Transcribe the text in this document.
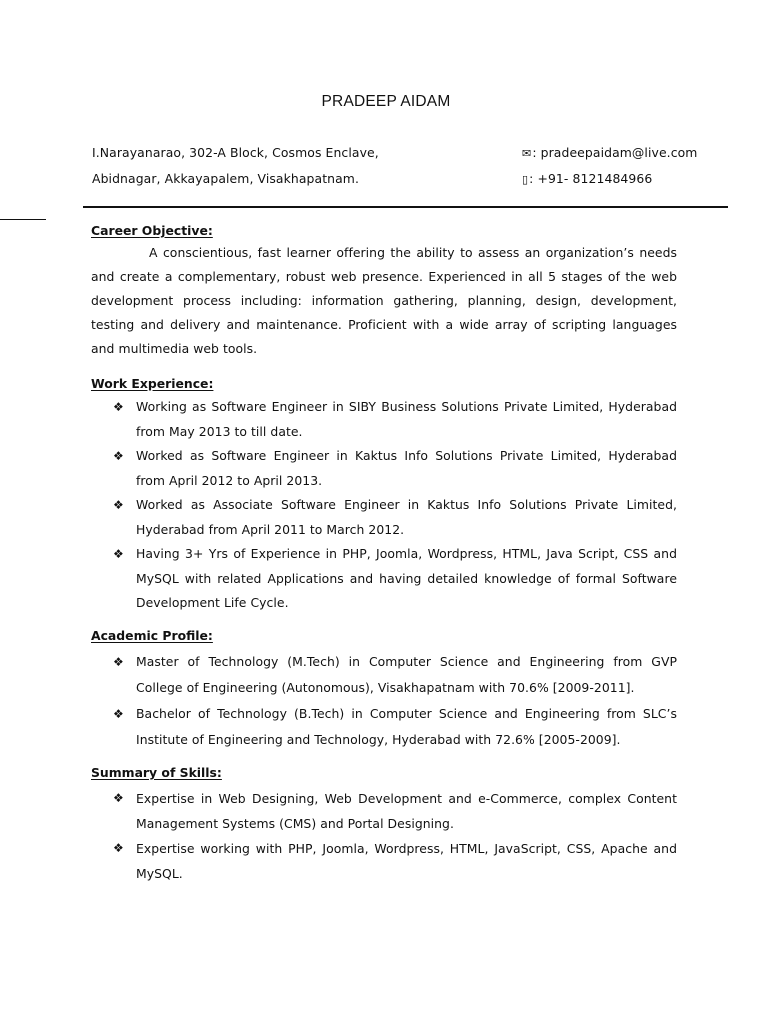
PRADEEP AIDAM
I.Narayanarao, 302-A Block, Cosmos Enclave,
Abidnagar, Akkayapalem, Visakhapatnam.
✉: pradeepaidam@live.com
▯: +91- 8121484966
Career Objective:
A conscientious, fast learner offering the ability to assess an organization’s needs and create a complementary, robust web presence. Experienced in all 5 stages of the web development process including: information gathering, planning, design, development, testing and delivery and maintenance. Proficient with a wide array of scripting languages and multimedia web tools.
Work Experience:
❖ Working as Software Engineer in SIBY Business Solutions Private Limited, Hyderabad from May 2013 to till date.
❖ Worked as Software Engineer in Kaktus Info Solutions Private Limited, Hyderabad from April 2012 to April 2013.
❖ Worked as Associate Software Engineer in Kaktus Info Solutions Private Limited, Hyderabad from April 2011 to March 2012.
❖ Having 3+ Yrs of Experience in PHP, Joomla, Wordpress, HTML, Java Script, CSS and MySQL with related Applications and having detailed knowledge of formal Software Development Life Cycle.
Academic Profile:
❖ Master of Technology (M.Tech) in Computer Science and Engineering from GVP College of Engineering (Autonomous), Visakhapatnam with 70.6% [2009-2011].
❖ Bachelor of Technology (B.Tech) in Computer Science and Engineering from SLC’s Institute of Engineering and Technology, Hyderabad with 72.6% [2005-2009].
Summary of Skills:
❖ Expertise in Web Designing, Web Development and e-Commerce, complex Content Management Systems (CMS) and Portal Designing.
❖ Expertise working with PHP, Joomla, Wordpress, HTML, JavaScript, CSS, Apache and MySQL.
